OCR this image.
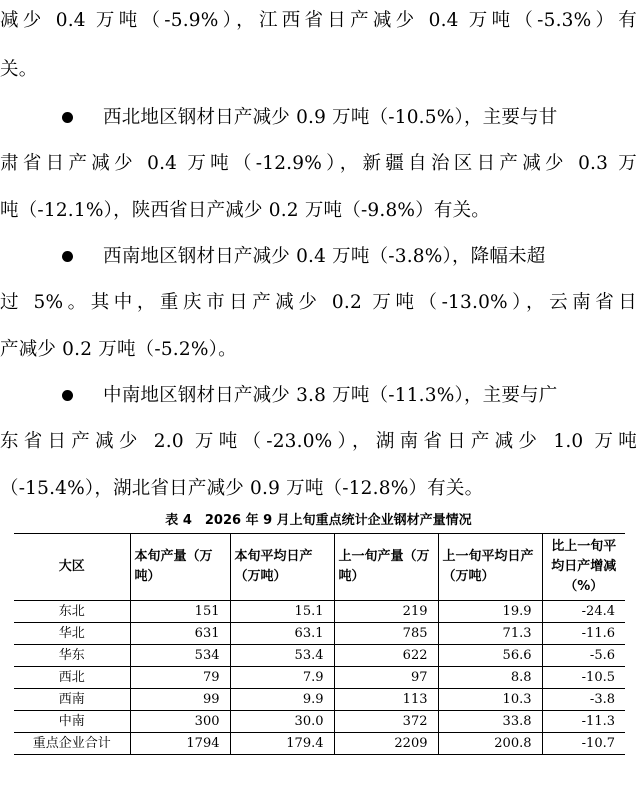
减少 0.4 万吨（-5.9%），江西省日产减少 0.4 万吨（-5.3%）有
关。
西北地区钢材日产减少 0.9 万吨（-10.5%），主要与甘
肃省日产减少 0.4 万吨（-12.9%），新疆自治区日产减少 0.3 万
吨（-12.1%），陕西省日产减少 0.2 万吨（-9.8%）有关。
西南地区钢材日产减少 0.4 万吨（-3.8%），降幅未超
过 5%。其中，重庆市日产减少 0.2 万吨（-13.0%），云南省日
产减少 0.2 万吨（-5.2%）。
中南地区钢材日产减少 3.8 万吨（-11.3%），主要与广
东省日产减少 2.0 万吨（-23.0%），湖南省日产减少 1.0 万吨
（-15.4%），湖北省日产减少 0.9 万吨（-12.8%）有关。
表 4　2026 年 9 月上旬重点统计企业钢材产量情况
大区	本旬产量（万吨）	本旬平均日产（万吨）	上一旬产量（万吨）	上一旬平均日产（万吨）	比上一旬平均日产增减（%）
东北	151	15.1	219	19.9	-24.4
华北	631	63.1	785	71.3	-11.6
华东	534	53.4	622	56.6	-5.6
西北	79	7.9	97	8.8	-10.5
西南	99	9.9	113	10.3	-3.8
中南	300	30.0	372	33.8	-11.3
重点企业合计	1794	179.4	2209	200.8	-10.7
